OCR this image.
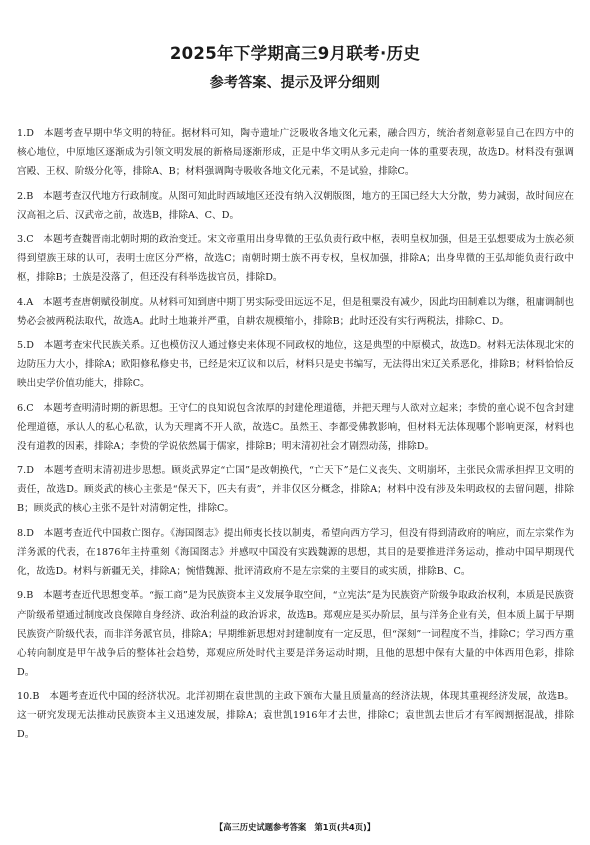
2025年下学期高三9月联考·历史
参考答案、提示及评分细则

1.D　本题考查早期中华文明的特征。据材料可知，陶寺遗址广泛吸收各地文化元素，融合四方，统治者刻意彰显自己在四方中的核心地位，中原地区逐渐成为引领文明发展的新格局逐渐形成，正是中华文明从多元走向一体的重要表现，故选D。材料没有强调宫殿、王权、阶级分化等，排除A、B；材料强调陶寺吸收各地文化元素，不是试验，排除C。

2.B　本题考查汉代地方行政制度。从图可知此时西域地区还没有纳入汉朝版图，地方的王国已经大大分散，势力减弱，故时间应在汉高祖之后、汉武帝之前，故选B，排除A、C、D。

3.C　本题考查魏晋南北朝时期的政治变迁。宋文帝重用出身卑微的王弘负责行政中枢，表明皇权加强，但是王弘想要成为士族必须得到望族王球的认可，表明士庶区分严格，故选C；南朝时期士族不再专权，皇权加强，排除A；出身卑微的王弘却能负责行政中枢，排除B；士族是没落了，但还没有科举选拔官员，排除D。

4.A　本题考查唐朝赋役制度。从材料可知到唐中期丁男实际受田远远不足，但是租粟没有减少，因此均田制难以为继，租庸调制也势必会被两税法取代，故选A。此时土地兼并严重，自耕农规模缩小，排除B；此时还没有实行两税法，排除C、D。

5.D　本题考查宋代民族关系。辽也模仿汉人通过修史来体现不同政权的地位，这是典型的中原模式，故选D。材料无法体现北宋的边防压力大小，排除A；欧阳修私修史书，已经是宋辽议和以后，材料只是史书编写，无法得出宋辽关系恶化，排除B；材料恰恰反映出史学价值功能大，排除C。

6.C　本题考查明清时期的新思想。王守仁的良知说包含浓厚的封建伦理道德，并把天理与人欲对立起来；李贽的童心说不包含封建伦理道德，承认人的私心私欲，认为天理离不开人欲，故选C。虽然王、李都受佛教影响，但材料无法体现哪个影响更深，材料也没有道教的因素，排除A；李贽的学说依然属于儒家，排除B；明末清初社会才剧烈动荡，排除D。

7.D　本题考查明末清初进步思想。顾炎武界定“亡国”是改朝换代，“亡天下”是仁义丧失、文明崩坏，主张民众需承担捍卫文明的责任，故选D。顾炎武的核心主张是“保天下，匹夫有责”，并非仅区分概念，排除A；材料中没有涉及朱明政权的去留问题，排除B；顾炎武的核心主张不是针对清朝定性，排除C。

8.D　本题考查近代中国救亡图存。《海国图志》提出师夷长技以制夷，希望向西方学习，但没有得到清政府的响应，而左宗棠作为洋务派的代表，在1876年主持重刻《海国图志》并感叹中国没有实践魏源的思想，其目的是要推进洋务运动，推动中国早期现代化，故选D。材料与新疆无关，排除A；惋惜魏源、批评清政府不是左宗棠的主要目的或实质，排除B、C。

9.B　本题考查近代思想变革。“振工商”是为民族资本主义发展争取空间，“立宪法”是为民族资产阶级争取政治权利，本质是民族资产阶级希望通过制度改良保障自身经济、政治利益的政治诉求，故选B。郑观应是买办阶层，虽与洋务企业有关，但本质上属于早期民族资产阶级代表，而非洋务派官员，排除A；早期维新思想对封建制度有一定反思，但“深刻”一词程度不当，排除C；学习西方重心转向制度是甲午战争后的整体社会趋势，郑观应所处时代主要是洋务运动时期，且他的思想中保有大量的中体西用色彩，排除D。

10.B　本题考查近代中国的经济状况。北洋初期在袁世凯的主政下颁布大量且质量高的经济法规，体现其重视经济发展，故选B。这一研究发现无法推动民族资本主义迅速发展，排除A；袁世凯1916年才去世，排除C；袁世凯去世后才有军阀割据混战，排除D。

【高三历史试题参考答案　第1页(共4页)】
